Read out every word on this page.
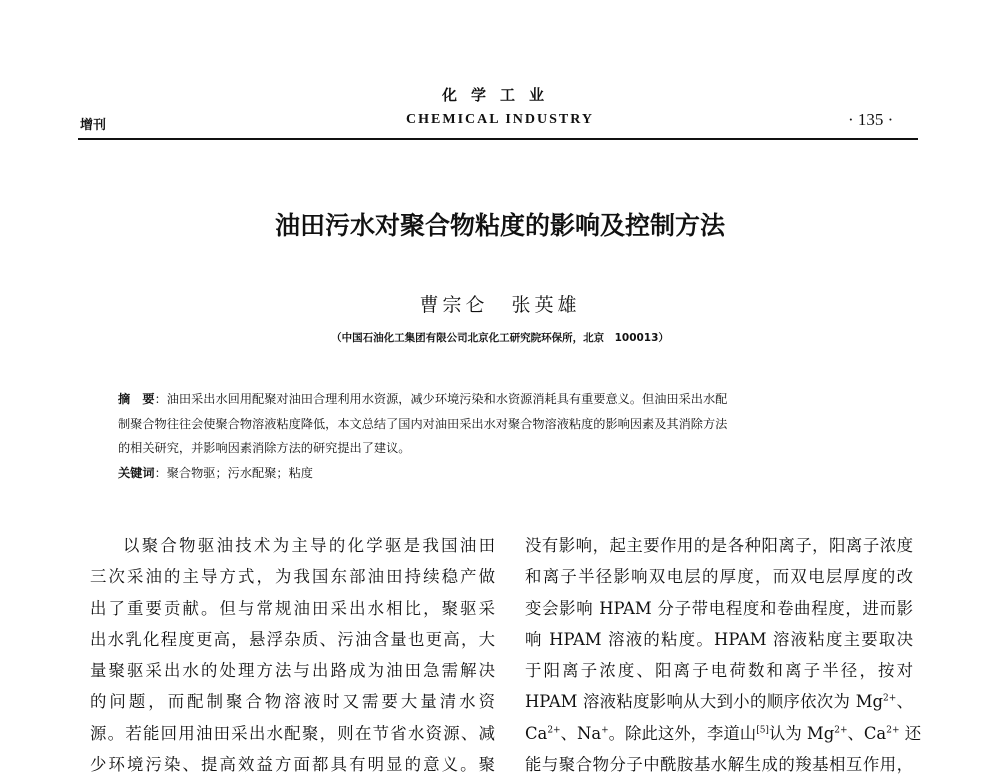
化学工业
增刊	CHEMICAL INDUSTRY	· 135 ·
油田污水对聚合物粘度的影响及控制方法
曹宗仑　张英雄
（中国石油化工集团有限公司北京化工研究院环保所，北京　100013）
摘　要：油田采出水回用配聚对油田合理利用水资源，减少环境污染和水资源消耗具有重要意义。但油田采出水配
制聚合物往往会使聚合物溶液粘度降低，本文总结了国内对油田采出水对聚合物溶液粘度的影响因素及其消除方法
的相关研究，并影响因素消除方法的研究提出了建议。
关键词：聚合物驱；污水配聚；粘度
以聚合物驱油技术为主导的化学驱是我国油田
三次采油的主导方式，为我国东部油田持续稳产做
出了重要贡献。但与常规油田采出水相比，聚驱采
出水乳化程度更高，悬浮杂质、污油含量也更高，大
量聚驱采出水的处理方法与出路成为油田急需解决
的问题，而配制聚合物溶液时又需要大量清水资
源。若能回用油田采出水配聚，则在节省水资源、减
少环境污染、提高效益方面都具有明显的意义。聚
没有影响，起主要作用的是各种阳离子，阳离子浓度
和离子半径影响双电层的厚度，而双电层厚度的改
变会影响 HPAM 分子带电程度和卷曲程度，进而影
响 HPAM 溶液的粘度。HPAM 溶液粘度主要取决
于阳离子浓度、阳离子电荷数和离子半径，按对
HPAM 溶液粘度影响从大到小的顺序依次为 $Mg^{2+}$、
$Ca^{2+}$、Na+。除此这外，李道山[5]认为 $Mg^{2+}$、$Ca^{2+}$ 还
能与聚合物分子中酰胺基水解生成的羧基相互作用，
